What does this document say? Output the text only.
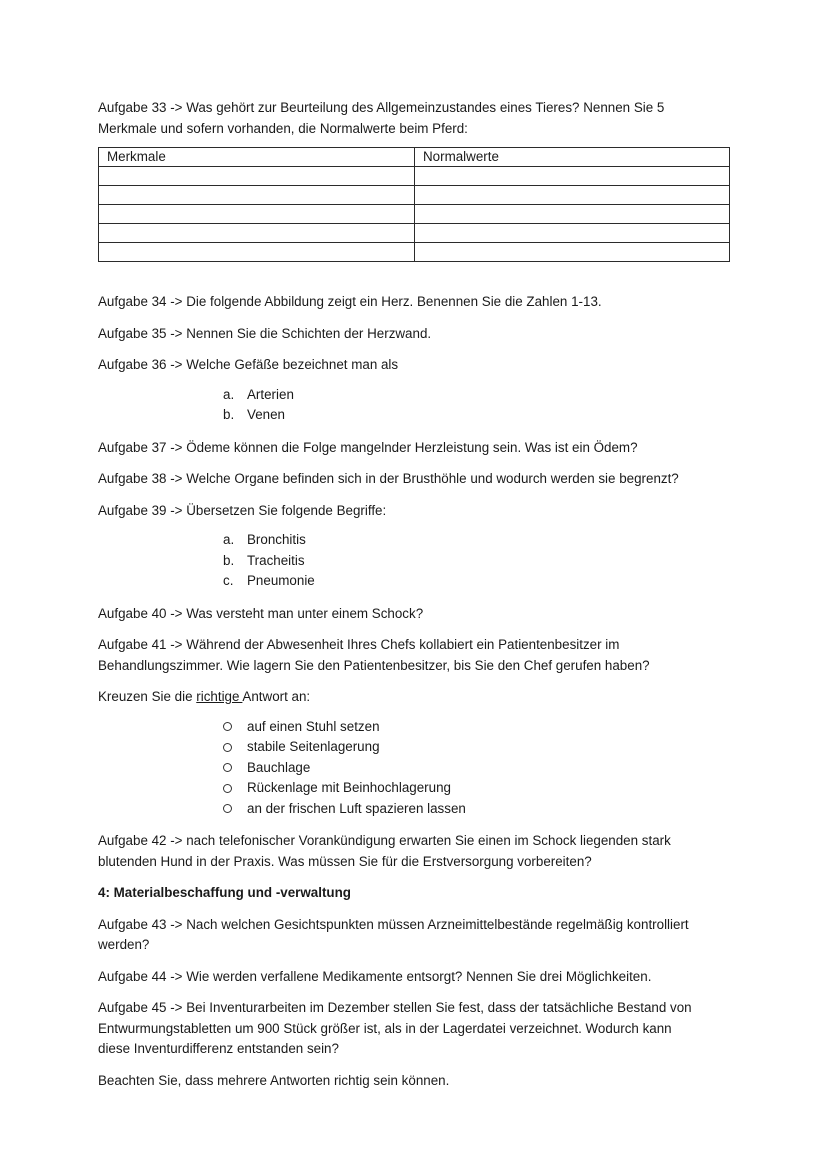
Aufgabe 33 -> Was gehört zur Beurteilung des Allgemeinzustandes eines Tieres? Nennen Sie 5
Merkmale und sofern vorhanden, die Normalwerte beim Pferd:

Merkmale	Normalwerte

Aufgabe 34 -> Die folgende Abbildung zeigt ein Herz. Benennen Sie die Zahlen 1-13.

Aufgabe 35 -> Nennen Sie die Schichten der Herzwand.

Aufgabe 36 -> Welche Gefäße bezeichnet man als

a. Arterien
b. Venen

Aufgabe 37 -> Ödeme können die Folge mangelnder Herzleistung sein. Was ist ein Ödem?

Aufgabe 38 -> Welche Organe befinden sich in der Brusthöhle und wodurch werden sie begrenzt?

Aufgabe 39 -> Übersetzen Sie folgende Begriffe:

a. Bronchitis
b. Tracheitis
c.	Pneumonie

Aufgabe 40 -> Was versteht man unter einem Schock?

Aufgabe 41 -> Während der Abwesenheit Ihres Chefs kollabiert ein Patientenbesitzer im
Behandlungszimmer. Wie lagern Sie den Patientenbesitzer, bis Sie den Chef gerufen haben?

Kreuzen Sie die richtige Antwort an:

auf einen Stuhl setzen
stabile Seitenlagerung
Bauchlage
Rückenlage mit Beinhochlagerung
an der frischen Luft spazieren lassen

Aufgabe 42 -> nach telefonischer Vorankündigung erwarten Sie einen im Schock liegenden stark
blutenden Hund in der Praxis. Was müssen Sie für die Erstversorgung vorbereiten?

4: Materialbeschaffung und -verwaltung

Aufgabe 43 -> Nach welchen Gesichtspunkten müssen Arzneimittelbestände regelmäßig kontrolliert
werden?

Aufgabe 44 -> Wie werden verfallene Medikamente entsorgt? Nennen Sie drei Möglichkeiten.

Aufgabe 45 -> Bei Inventurarbeiten im Dezember stellen Sie fest, dass der tatsächliche Bestand von
Entwurmungstabletten um 900 Stück größer ist, als in der Lagerdatei verzeichnet. Wodurch kann
diese Inventurdifferenz entstanden sein?

Beachten Sie, dass mehrere Antworten richtig sein können.
